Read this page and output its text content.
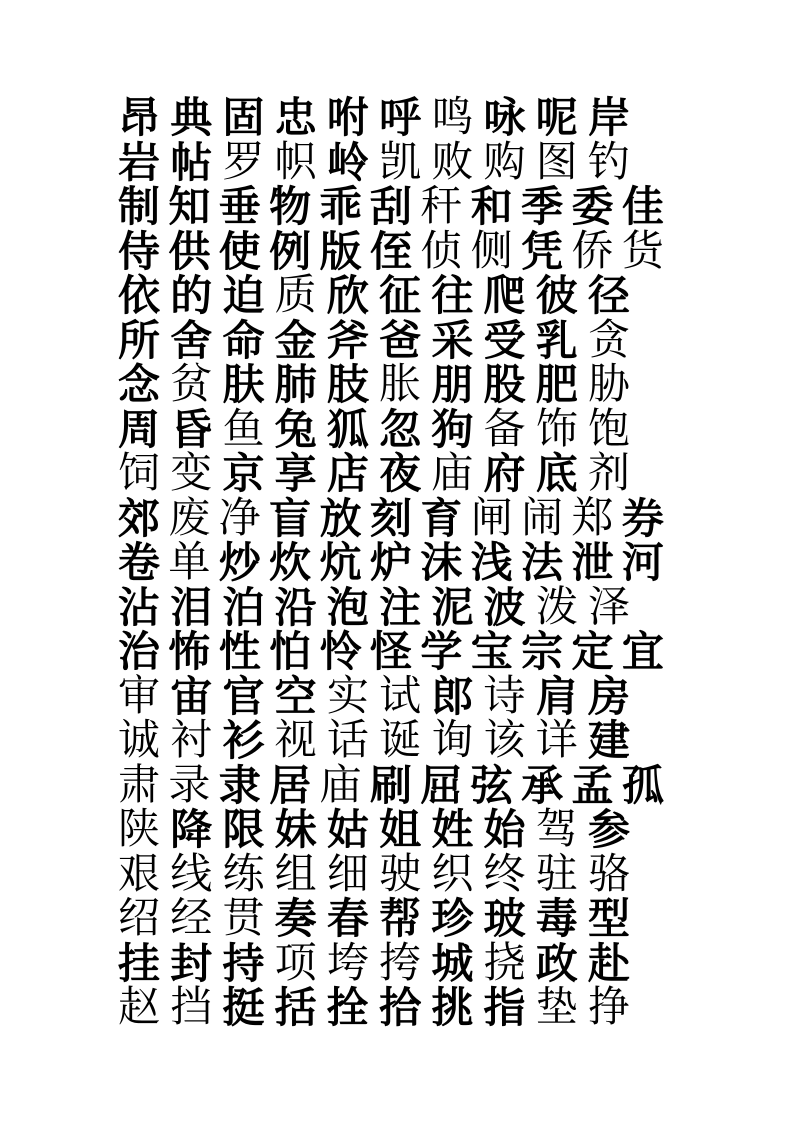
昂 典 固 忠 咐 呼 鸣 咏 呢 岸
岩 帖 罗 帜 岭 凯 败 购 图 钓
制 知 垂 物 乖 刮 秆 和 季 委 佳
侍 供 使 例 版 侄 侦 侧 凭 侨 货
依 的 迫 质 欣 征 往 爬 彼 径
所 舍 命 金 斧 爸 采 受 乳 贪
念 贫 肤 肺 肢 胀 朋 股 肥 胁
周 昏 鱼 兔 狐 忽 狗 备 饰 饱
饲 变 京 享 店 夜 庙 府 底 剂
郊 废 净 盲 放 刻 育 闸 闹 郑 券
卷 单 炒 炊 炕 炉 沫 浅 法 泄 河
沾 泪 泊 沿 泡 注 泥 波 泼 泽
治 怖 性 怕 怜 怪 学 宝 宗 定 宜
审 宙 官 空 实 试 郎 诗 肩 房
诚 衬 衫 视 话 诞 询 该 详 建
肃 录 隶 居 庙 刷 屈 弦 承 孟 孤
陕 降 限 妹 姑 姐 姓 始 驾 参
艰 线 练 组 细 驶 织 终 驻 骆
绍 经 贯 奏 春 帮 珍 玻 毒 型
挂 封 持 项 垮 挎 城 挠 政 赴
赵 挡 挺 括 拴 拾 挑 指 垫 挣
